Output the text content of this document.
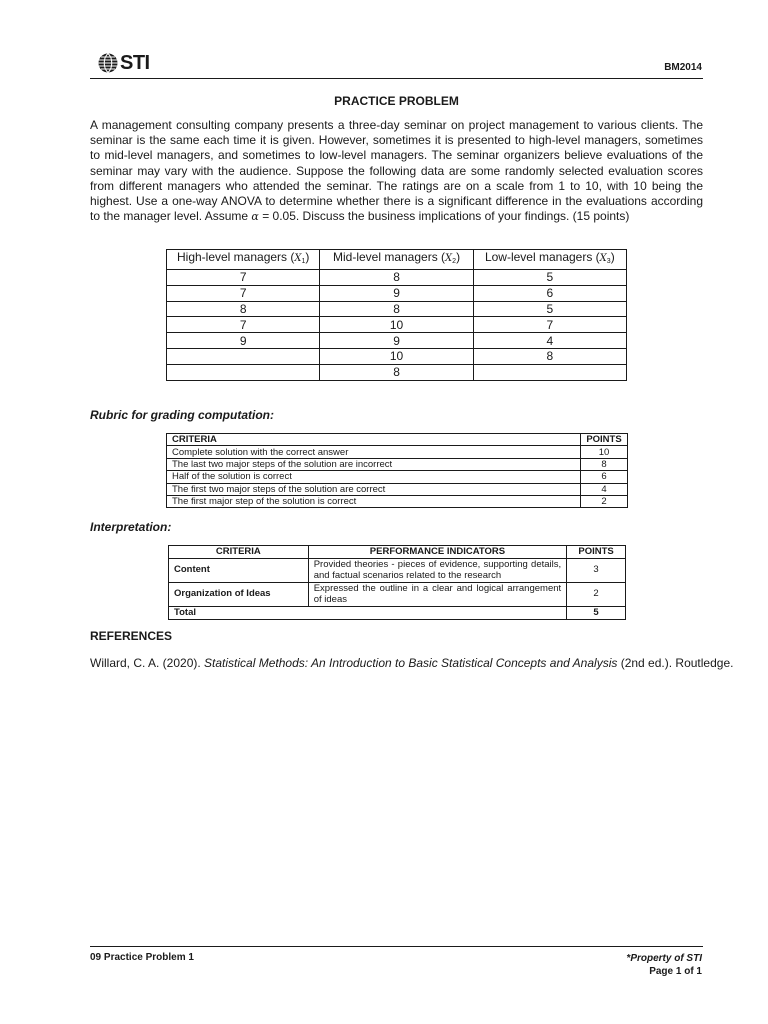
STI	BM2014
PRACTICE PROBLEM

A management consulting company presents a three-day seminar on project management to various clients. The seminar is the same each time it is given. However, sometimes it is presented to high-level managers, sometimes to mid-level managers, and sometimes to low-level managers. The seminar organizers believe evaluations of the seminar may vary with the audience. Suppose the following data are some randomly selected evaluation scores from different managers who attended the seminar. The ratings are on a scale from 1 to 10, with 10 being the highest. Use a one-way ANOVA to determine whether there is a significant difference in the evaluations according to the manager level. Assume α = 0.05. Discuss the business implications of your findings. (15 points)

High-level managers $(X_1)$	Mid-level managers $(X_2)$	Low-level managers $(X_3)$
7	8	5
7	9	6
8	8	5
7	10	7
9	9	4
	10	8
	8	
Rubric for grading computation:
CRITERIA	POINTS
Complete solution with the correct answer	10
The last two major steps of the solution are incorrect	8
Half of the solution is correct	6
The first two major steps of the solution are correct	4
The first major step of the solution is correct	2
Interpretation:
CRITERIA	PERFORMANCE INDICATORS	POINTS
Content	Provided theories - pieces of evidence, supporting details, and factual scenarios related to the research	3
Organization of Ideas	Expressed the outline in a clear and logical arrangement of ideas	2
Total		5
REFERENCES

Willard, C. A. (2020). Statistical Methods: An Introduction to Basic Statistical Concepts and Analysis (2nd ed.). Routledge.

09 Practice Problem 1	*Property of STI
Page 1 of 1
